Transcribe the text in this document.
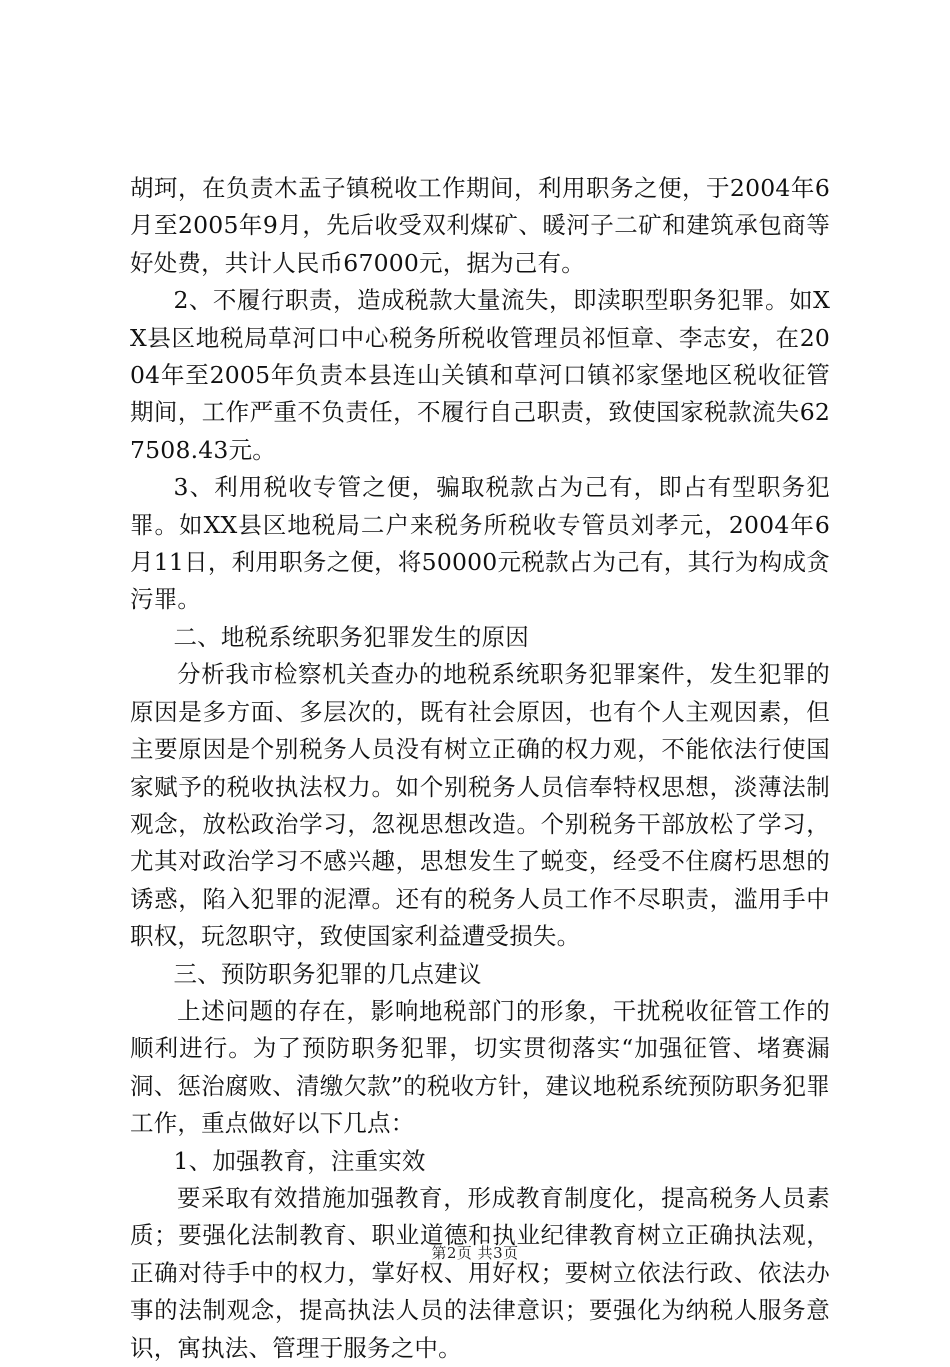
胡珂，在负责木盂子镇税收工作期间，利用职务之便，于2004年6月至2005年9月，先后收受双利煤矿、暖河子二矿和建筑承包商等好处费，共计人民币67000元，据为己有。

2、不履行职责，造成税款大量流失，即渎职型职务犯罪。如XX县区地税局草河口中心税务所税收管理员祁恒章、李志安，在2004年至2005年负责本县连山关镇和草河口镇祁家堡地区税收征管期间，工作严重不负责任，不履行自己职责，致使国家税款流失627508.43元。

3、利用税收专管之便，骗取税款占为己有，即占有型职务犯罪。如XX县区地税局二户来税务所税收专管员刘孝元，2004年6月11日，利用职务之便，将50000元税款占为己有，其行为构成贪污罪。

二、地税系统职务犯罪发生的原因

分析我市检察机关查办的地税系统职务犯罪案件，发生犯罪的原因是多方面、多层次的，既有社会原因，也有个人主观因素，但主要原因是个别税务人员没有树立正确的权力观，不能依法行使国家赋予的税收执法权力。如个别税务人员信奉特权思想，淡薄法制观念，放松政治学习，忽视思想改造。个别税务干部放松了学习，尤其对政治学习不感兴趣，思想发生了蜕变，经受不住腐朽思想的诱惑，陷入犯罪的泥潭。还有的税务人员工作不尽职责，滥用手中职权，玩忽职守，致使国家利益遭受损失。

三、预防职务犯罪的几点建议

上述问题的存在，影响地税部门的形象，干扰税收征管工作的顺利进行。为了预防职务犯罪，切实贯彻落实“加强征管、堵赛漏洞、惩治腐败、清缴欠款”的税收方针，建议地税系统预防职务犯罪工作，重点做好以下几点：

1、加强教育，注重实效

要采取有效措施加强教育，形成教育制度化，提高税务人员素质；要强化法制教育、职业道德和执业纪律教育树立正确执法观，正确对待手中的权力，掌好权、用好权；要树立依法行政、依法办事的法制观念，提高执法人员的法律意识；要强化为纳税人服务意识，寓执法、管理于服务之中。

第2页 共3页
